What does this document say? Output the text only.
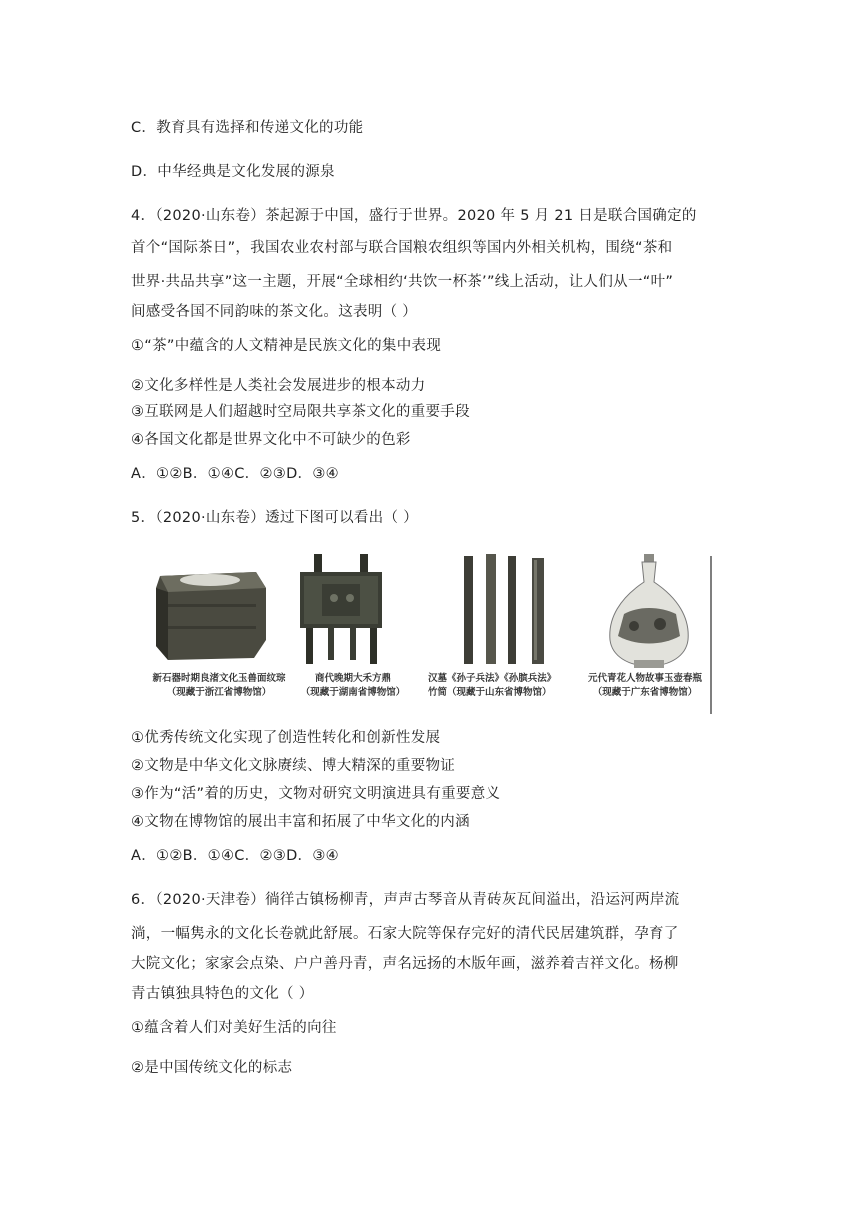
C．教育具有选择和传递文化的功能
D．中华经典是文化发展的源泉
4．（2020·山东卷）茶起源于中国，盛行于世界。2020 年 5 月 21 日是联合国确定的
首个“国际茶日”，我国农业农村部与联合国粮农组织等国内外相关机构，围绕“茶和
世界·共品共享”这一主题，开展“全球相约‘共饮一杯茶’”线上活动，让人们从一“叶”
间感受各国不同韵味的茶文化。这表明（ ）
①“茶”中蕴含的人文精神是民族文化的集中表现
②文化多样性是人类社会发展进步的根本动力
③互联网是人们超越时空局限共享茶文化的重要手段
④各国文化都是世界文化中不可缺少的色彩
A．①②B．①④C．②③D．③④
5．（2020·山东卷）透过下图可以看出（ ）
新石器时期良渚文化玉兽面纹琮
（现藏于浙江省博物馆）
商代晚期大禾方鼎
（现藏于湖南省博物馆）
汉墓《孙子兵法》《孙膑兵法》
竹简（现藏于山东省博物馆）
元代青花人物故事玉壶春瓶
（现藏于广东省博物馆）
①优秀传统文化实现了创造性转化和创新性发展
②文物是中华文化文脉赓续、博大精深的重要物证
③作为“活”着的历史，文物对研究文明演进具有重要意义
④文物在博物馆的展出丰富和拓展了中华文化的内涵
A．①②B．①④C．②③D．③④
6．（2020·天津卷）徜徉古镇杨柳青，声声古琴音从青砖灰瓦间溢出，沿运河两岸流
淌，一幅隽永的文化长卷就此舒展。石家大院等保存完好的清代民居建筑群，孕育了
大院文化；家家会点染、户户善丹青，声名远扬的木版年画，滋养着吉祥文化。杨柳
青古镇独具特色的文化（ ）
①蕴含着人们对美好生活的向往
②是中国传统文化的标志
